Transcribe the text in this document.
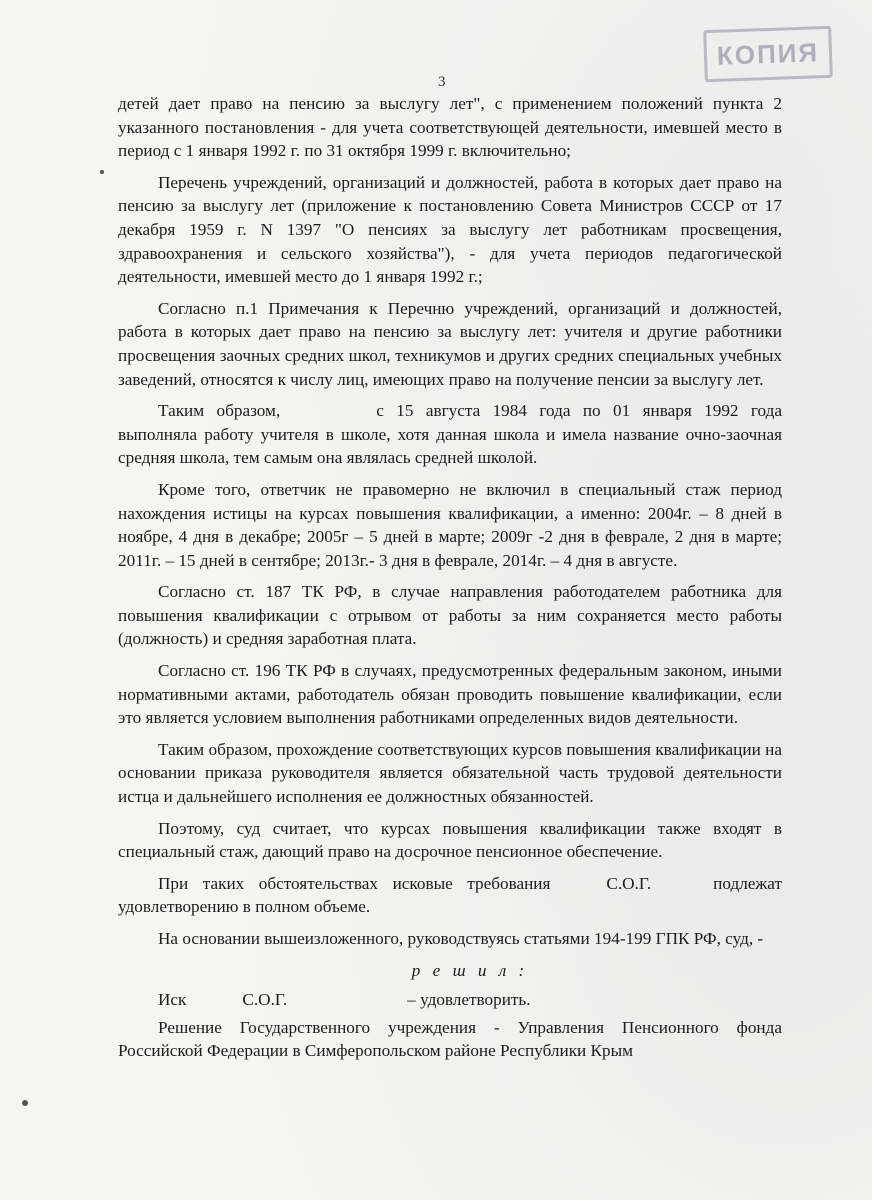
КОПИЯ
3

детей дает право на пенсию за выслугу лет", с применением положений пункта 2 указанного постановления - для учета соответствующей деятельности, имевшей место в период с 1 января 1992 г. по 31 октября 1999 г. включительно;

Перечень учреждений, организаций и должностей, работа в которых дает право на пенсию за выслугу лет (приложение к постановлению Совета Министров СССР от 17 декабря 1959 г. N 1397 "О пенсиях за выслугу лет работникам просвещения, здравоохранения и сельского хозяйства"), - для учета периодов педагогической деятельности, имевшей место до 1 января 1992 г.;

Согласно п.1 Примечания к Перечню учреждений, организаций и должностей, работа в которых дает право на пенсию за выслугу лет: учителя и другие работники просвещения заочных средних школ, техникумов и других средних специальных учебных заведений, относятся к числу лиц, имеющих право на получение пенсии за выслугу лет.

Таким образом,	с 15 августа 1984 года по 01 января 1992 года выполняла работу учителя в школе, хотя данная школа и имела название очно-заочная средняя школа, тем самым она являлась средней школой.

Кроме того, ответчик не правомерно не включил в специальный стаж период нахождения истицы на курсах повышения квалификации, а именно: 2004г. – 8 дней в ноябре, 4 дня в декабре; 2005г – 5 дней в марте; 2009г -2 дня в феврале, 2 дня в марте; 2011г. – 15 дней в сентябре; 2013г.- 3 дня в феврале, 2014г. – 4 дня в августе.

Согласно ст. 187 ТК РФ, в случае направления работодателем работника для повышения квалификации с отрывом от работы за ним сохраняется место работы (должность) и средняя заработная плата.

Согласно ст. 196 ТК РФ в случаях, предусмотренных федеральным законом, иными нормативными актами, работодатель обязан проводить повышение квалификации, если это является условием выполнения работниками определенных видов деятельности.

Таким образом, прохождение соответствующих курсов повышения квалификации на основании приказа руководителя является обязательной часть трудовой деятельности истца и дальнейшего исполнения ее должностных обязанностей.

Поэтому, суд считает, что курсах повышения квалификации также входят в специальный стаж, дающий право на досрочное пенсионное обеспечение.

При таких обстоятельствах исковые требования	С.О.Г.	подлежат удовлетворению в полном объеме.

На основании вышеизложенного, руководствуясь статьями 194-199 ГПК РФ, суд, -

р е ш и л :

Иск	С.О.Г.	– удовлетворить.

Решение Государственного учреждения - Управления Пенсионного фонда Российской Федерации в Симферопольском районе Республики Крым
